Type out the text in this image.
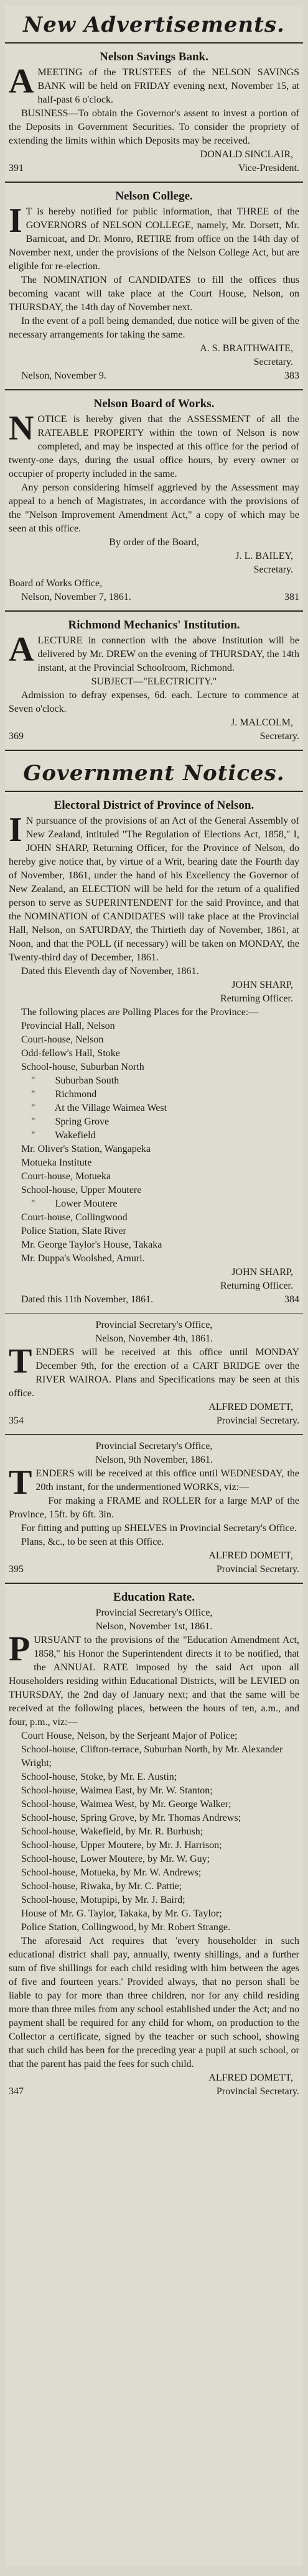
New Advertisements.
Nelson Savings Bank.

AMEETING of the TRUSTEES of the NELSON SAVINGS BANK will be held on FRIDAY evening next, November 15, at half-past 6 o'clock.

BUSINESS—To obtain the Governor's assent to invest a portion of the Deposits in Government Securities. To consider the propriety of extending the limits within which Deposits may be received.

DONALD SINCLAIR,
391	Vice-President.
Nelson College.

I T is hereby notified for public information, that THREE of the GOVERNORS of NELSON COLLEGE, namely, Mr. Dorsett, Mr. Barnicoat, and Dr. Monro, RETIRE from office on the 14th day of November next, under the provisions of the Nelson College Act, but are eligible for re-election.

The NOMINATION of CANDIDATES to fill the offices thus becoming vacant will take place at the Court House, Nelson, on THURSDAY, the 14th day of November next.

In the event of a poll being demanded, due notice will be given of the necessary arrangements for taking the same.

A. S. BRAITHWAITE,
Secretary.
Nelson, November 9.	383
Nelson Board of Works.

NOTICE is hereby given that the ASSESSMENT of all the RATEABLE PROPERTY within the town of Nelson is now completed, and may be inspected at this office for the period of twenty-one days, during the usual office hours, by every owner or occupier of property included in the same.

Any person considering himself aggrieved by the Assessment may appeal to a bench of Magistrates, in accordance with the provisions of the "Nelson Improvement Amendment Act," a copy of which may be seen at this office.

By order of the Board,
J. L. BAILEY,
Secretary.
Board of Works Office,
Nelson, November 7, 1861.	381
Richmond Mechanics' Institution.

ALECTURE in connection with the above Institution will be delivered by Mr. DREW on the evening of THURSDAY, the 14th instant, at the Provincial Schoolroom, Richmond.

SUBJECT—"ELECTRICITY."

Admission to defray expenses, 6d. each. Lecture to commence at Seven o'clock.

J. MALCOLM,
369	Secretary.
Government Notices.
Electoral District of Province of Nelson.

I N pursuance of the provisions of an Act of the General Assembly of New Zealand, intituled "The Regulation of Elections Act, 1858," I, JOHN SHARP, Returning Officer, for the Province of Nelson, do hereby give notice that, by virtue of a Writ, bearing date the Fourth day of November, 1861, under the hand of his Excellency the Governor of New Zealand, an ELECTION will be held for the return of a qualified person to serve as SUPERINTENDENT for the said Province, and that the NOMINATION of CANDIDATES will take place at the Provincial Hall, Nelson, on SATURDAY, the Thirtieth day of November, 1861, at Noon, and that the POLL (if necessary) will be taken on MONDAY, the Twenty-third day of December, 1861.

Dated this Eleventh day of November, 1861.

JOHN SHARP,
Returning Officer.

The following places are Polling Places for the Province:—

Provincial Hall, Nelson
Court-house, Nelson
Odd-fellow's Hall, Stoke
School-house, Suburban North
"        Suburban South
"        Richmond
"        At the Village Waimea West
"        Spring Grove
"        Wakefield
Mr. Oliver's Station, Wangapeka
Motueka Institute
Court-house, Motueka
School-house, Upper Moutere
"        Lower Moutere
Court-house, Collingwood
Police Station, Slate River
Mr. George Taylor's House, Takaka
Mr. Duppa's Woolshed, Amuri.
JOHN SHARP,
Returning Officer.
Dated this 11th November, 1861.	384
Provincial Secretary's Office,
Nelson, November 4th, 1861.

TENDERS will be received at this office until MONDAY December 9th, for the erection of a CART BRIDGE over the RIVER WAIROA. Plans and Specifications may be seen at this office.

ALFRED DOMETT,
354	Provincial Secretary.
Provincial Secretary's Office,
Nelson, 9th November, 1861.

TENDERS will be received at this office until WEDNESDAY, the 20th instant, for the undermentioned WORKS, viz:—

For making a FRAME and ROLLER for a large MAP of the Province, 15ft. by 6ft. 3in.

For fitting and putting up SHELVES in Provincial Secretary's Office.

Plans, &c., to be seen at this Office.

ALFRED DOMETT,
395	Provincial Secretary.
Education Rate.
Provincial Secretary's Office,
Nelson, November 1st, 1861.

PURSUANT to the provisions of the "Education Amendment Act, 1858," his Honor the Superintendent directs it to be notified, that the ANNUAL RATE imposed by the said Act upon all Householders residing within Educational Districts, will be LEVIED on THURSDAY, the 2nd day of January next; and that the same will be received at the following places, between the hours of ten, a.m., and four, p.m., viz:—

Court House, Nelson, by the Serjeant Major of Police;
School-house, Clifton-terrace, Suburban North, by Mr. Alexander Wright;
School-house, Stoke, by Mr. E. Austin;
School-house, Waimea East, by Mr. W. Stanton;
School-house, Waimea West, by Mr. George Walker;
School-house, Spring Grove, by Mr. Thomas Andrews;
School-house, Wakefield, by Mr. R. Burbush;
School-house, Upper Moutere, by Mr. J. Harrison;
School-house, Lower Moutere, by Mr. W. Guy;
School-house, Motueka, by Mr. W. Andrews;
School-house, Riwaka, by Mr. C. Pattie;
School-house, Motupipi, by Mr. J. Baird;
House of Mr. G. Taylor, Takaka, by Mr. G. Taylor;
Police Station, Collingwood, by Mr. Robert Strange.

The aforesaid Act requires that 'every householder in such educational district shall pay, annually, twenty shillings, and a further sum of five shillings for each child residing with him between the ages of five and fourteen years.' Provided always, that no person shall be liable to pay for more than three children, nor for any child residing more than three miles from any school established under the Act; and no payment shall be required for any child for whom, on production to the Collector a certificate, signed by the teacher or such school, showing that such child has been for the preceding year a pupil at such school, or that the parent has paid the fees for such child.

ALFRED DOMETT,
347	Provincial Secretary.
